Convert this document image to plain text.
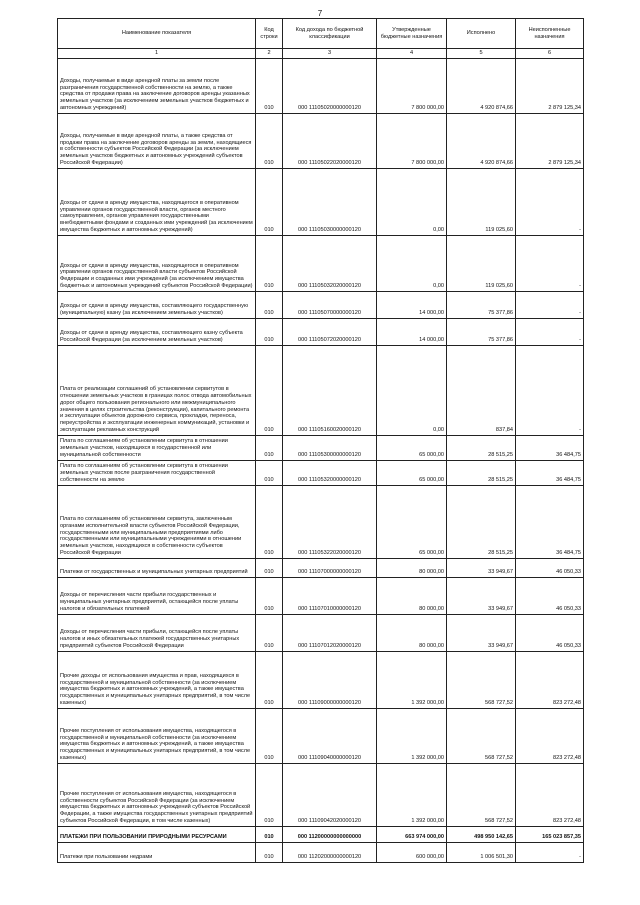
7
Наименование показателя	Код строки	Код дохода по бюджетной классификации	Утвержденные бюджетные назначения	Исполнено	Неисполненные назначения
1	2	3	4	5	6
Доходы, получаемые в виде арендной платы за земли после разграничения государственной собственности на землю, а также средства от продажи права на заключение договоров аренды указанных земельных участков (за исключением земельных участков бюджетных и автономных учреждений)	010	000 11105020000000120	7 800 000,00	4 920 874,66	2 879 125,34
Доходы, получаемые в виде арендной платы, а также средства от продажи права на заключение договоров аренды за земли, находящиеся в собственности субъектов Российской Федерации (за исключением земельных участков бюджетных и автономных учреждений субъектов Российской Федерации)	010	000 11105022020000120	7 800 000,00	4 920 874,66	2 879 125,34
Доходы от сдачи в аренду имущества, находящегося в оперативном управлении органов государственной власти, органов местного самоуправления, органов управления государственными внебюджетными фондами и созданных ими учреждений (за исключением имущества бюджетных и автономных учреждений)	010	000 11105030000000120	0,00	119 025,60	-
Доходы от сдачи в аренду имущества, находящегося в оперативном управлении органов государственной власти субъектов Российской Федерации и созданных ими учреждений (за исключением имущества бюджетных и автономных учреждений субъектов Российской Федерации)	010	000 11105032020000120	0,00	119 025,60	-
Доходы от сдачи в аренду имущества, составляющего государственную (муниципальную) казну (за исключением земельных участков)	010	000 11105070000000120	14 000,00	75 377,86	-
Доходы от сдачи в аренду имущества, составляющего казну субъекта Российской Федерации (за исключением земельных участков)	010	000 11105072020000120	14 000,00	75 377,86	-
Плата от реализации соглашений об установлении сервитутов в отношении земельных участков в границах полос отвода автомобильных дорог общего пользования регионального или межмуниципального значения в целях строительства (реконструкции), капитального ремонта и эксплуатации объектов дорожного сервиса, прокладки, переноса, переустройства и эксплуатации инженерных коммуникаций, установки и эксплуатации рекламных конструкций	010	000 11105160020000120	0,00	837,84	-
Плата по соглашениям об установлении сервитута в отношении земельных участков, находящихся в государственной или муниципальной собственности	010	000 11105300000000120	65 000,00	28 515,25	36 484,75
Плата по соглашениям об установлении сервитута в отношении земельных участков после разграничения государственной собственности на землю	010	000 11105320000000120	65 000,00	28 515,25	36 484,75
Плата по соглашениям об установлении сервитута, заключенным органами исполнительной власти субъектов Российской Федерации, государственными или муниципальными предприятиями либо государственными или муниципальными учреждениями в отношении земельных участков, находящихся в собственности субъектов Российской Федерации	010	000 11105322020000120	65 000,00	28 515,25	36 484,75
Платежи от государственных и муниципальных унитарных предприятий	010	000 11107000000000120	80 000,00	33 949,67	46 050,33
Доходы от перечисления части прибыли государственных и муниципальных унитарных предприятий, остающейся после уплаты налогов и обязательных платежей	010	000 11107010000000120	80 000,00	33 949,67	46 050,33
Доходы от перечисления части прибыли, остающейся после уплаты налогов и иных обязательных платежей государственных унитарных предприятий субъектов Российской Федерации	010	000 11107012020000120	80 000,00	33 949,67	46 050,33
Прочие доходы от использования имущества и прав, находящихся в государственной и муниципальной собственности (за исключением имущества бюджетных и автономных учреждений, а также имущества государственных и муниципальных унитарных предприятий, в том числе казенных)	010	000 11109000000000120	1 392 000,00	568 727,52	823 272,48
Прочие поступления от использования имущества, находящегося в государственной и муниципальной собственности (за исключением имущества бюджетных и автономных учреждений, а также имущества государственных и муниципальных унитарных предприятий, в том числе казенных)	010	000 11109040000000120	1 392 000,00	568 727,52	823 272,48
Прочие поступления от использования имущества, находящегося в собственности субъектов Российской Федерации (за исключением имущества бюджетных и автономных учреждений субъектов Российской Федерации, а также имущества государственных унитарных предприятий субъектов Российской Федерации, в том числе казенных)	010	000 11109042020000120	1 392 000,00	568 727,52	823 272,48
ПЛАТЕЖИ ПРИ ПОЛЬЗОВАНИИ ПРИРОДНЫМИ РЕСУРСАМИ	010	000 11200000000000000	663 974 000,00	498 950 142,65	165 023 857,35
Платежи при пользовании недрами	010	000 11202000000000120	600 000,00	1 006 501,30	-
